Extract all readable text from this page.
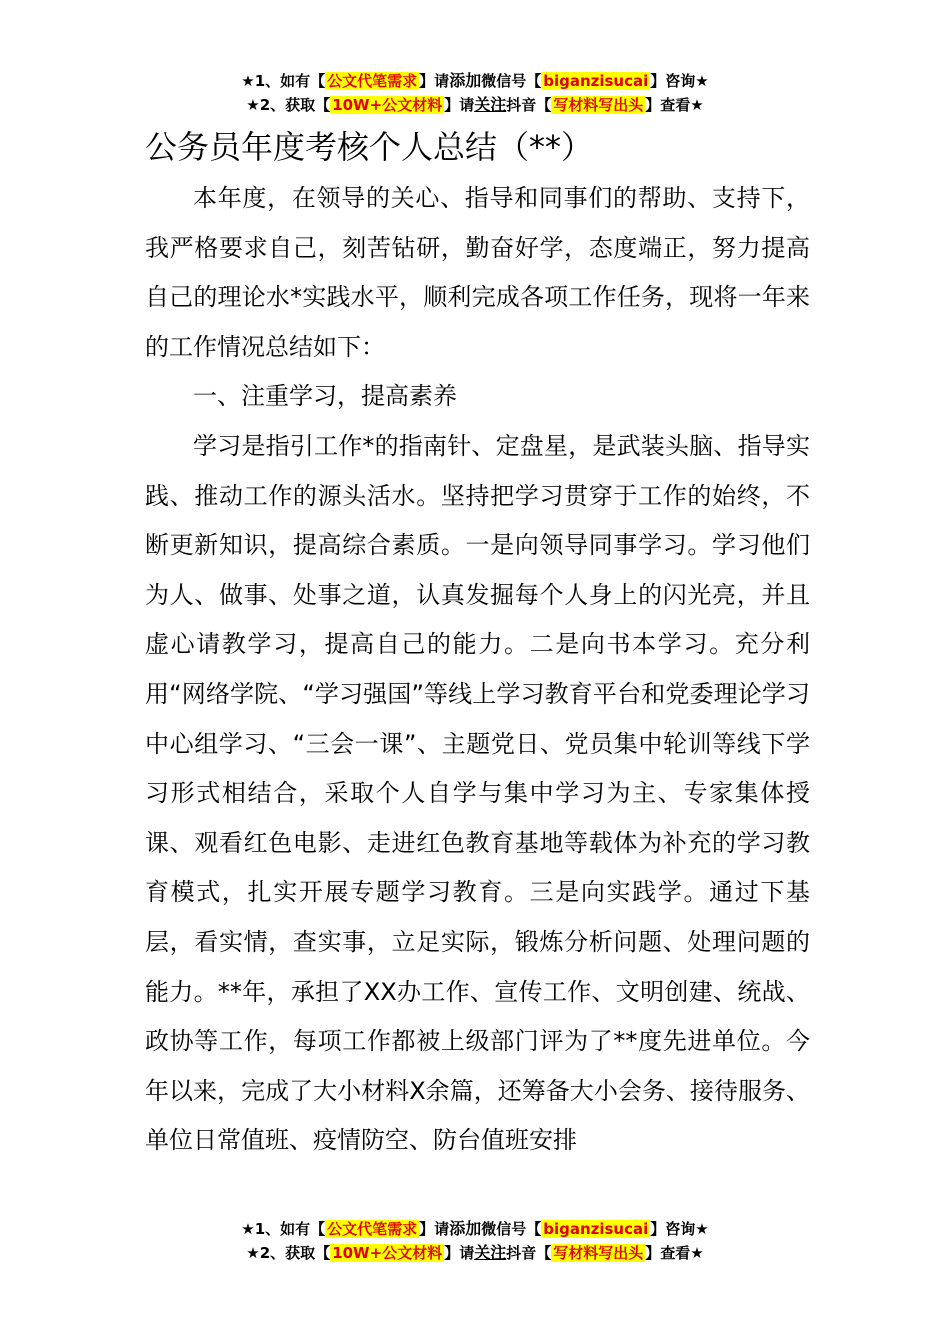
★1、如有【 公文代笔需求 】请添加微信号【 biganzisucai 】咨询★
★2、获取【 10W+公文材料 】请关注抖音【 写材料写出头 】查看★
公务员年度考核个人总结（**）

本年度，在领导的关心、指导和同事们的帮助、支持下，我严格要求自己，刻苦钻研，勤奋好学，态度端正，努力提高自己的理论水*实践水平，顺利完成各项工作任务，现将一年来的工作情况总结如下：

一、注重学习，提高素养

学习是指引工作*的指南针、定盘星，是武装头脑、指导实践、推动工作的源头活水。坚持把学习贯穿于工作的始终，不断更新知识，提高综合素质。一是向领导同事学习。学习他们为人、做事、处事之道，认真发掘每个人身上的闪光亮，并且虚心请教学习，提高自己的能力。二是向书本学习。充分利用“网络学院、“学习强国”等线上学习教育平台和党委理论学习中心组学习、“三会一课”、主题党日、党员集中轮训等线下学习形式相结合，采取个人自学与集中学习为主、专家集体授课、观看红色电影、走进红色教育基地等载体为补充的学习教育模式，扎实开展专题学习教育。三是向实践学。通过下基层，看实情，查实事，立足实际，锻炼分析问题、处理问题的能力。**年，承担了XX办工作、宣传工作、文明创建、统战、政协等工作，每项工作都被上级部门评为了**度先进单位。今年以来，完成了大小材料X余篇，还筹备大小会务、接待服务、单位日常值班、疫情防空、防台值班安排

★1、如有【 公文代笔需求 】请添加微信号【 biganzisucai 】咨询★
★2、获取【 10W+公文材料 】请关注抖音【 写材料写出头 】查看★
